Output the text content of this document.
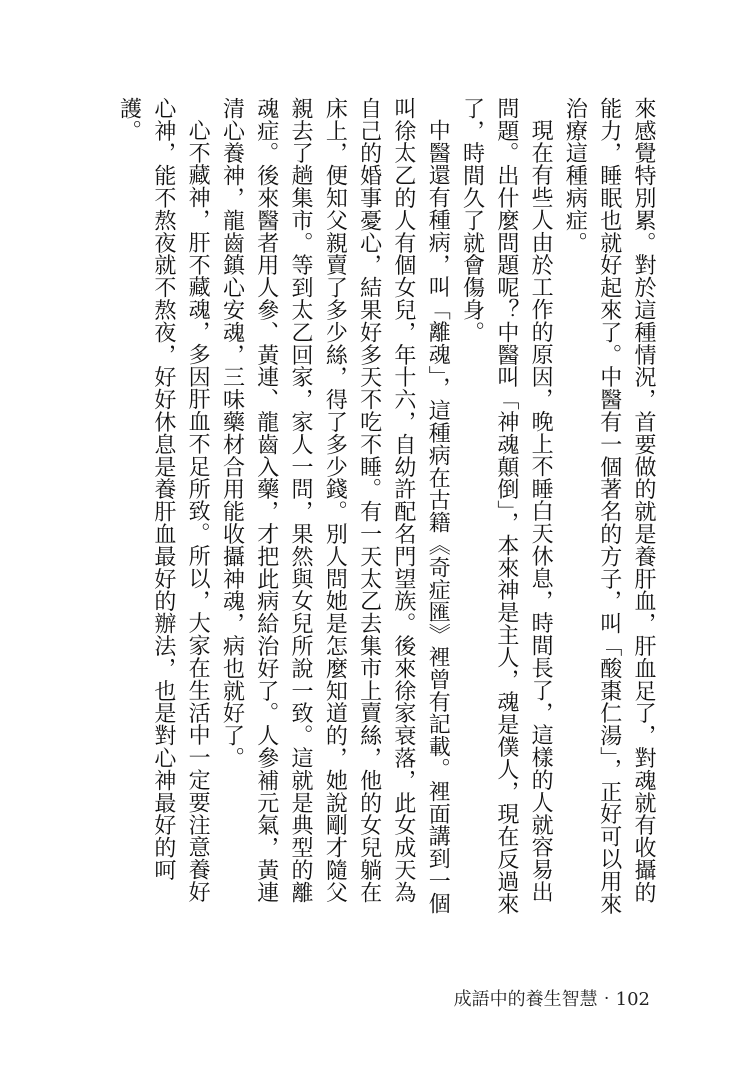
來感覺特別累。對於這種情況，首要做的就是養肝血，肝血足了，對魂就有收攝的能力，睡眠也就好起來了。中醫有一個著名的方子，叫「酸棗仁湯」，正好可以用來治療這種病症。

現在有些人由於工作的原因，晚上不睡白天休息，時間長了，這樣的人就容易出問題。出什麼問題呢？中醫叫「神魂顛倒」，本來神是主人，魂是僕人，現在反過來了，時間久了就會傷身。

中醫還有種病，叫「離魂」，這種病在古籍《奇症匯》裡曾有記載。裡面講到一個叫徐太乙的人有個女兒，年十六，自幼許配名門望族。後來徐家衰落，此女成天為自己的婚事憂心，結果好多天不吃不睡。有一天太乙去集市上賣絲，他的女兒躺在床上，便知父親賣了多少絲，得了多少錢。別人問她是怎麼知道的，她說剛才隨父親去了趟集市。等到太乙回家，家人一問，果然與女兒所說一致。這就是典型的離魂症。後來醫者用人參、黃連、龍齒入藥，才把此病給治好了。人參補元氣，黃連清心養神，龍齒鎮心安魂，三味藥材合用能收攝神魂，病也就好了。

心不藏神，肝不藏魂，多因肝血不足所致。所以，大家在生活中一定要注意養好心神，能不熬夜就不熬夜，好好休息是養肝血最好的辦法，也是對心神最好的呵護。

成語中的養生智慧‧102
